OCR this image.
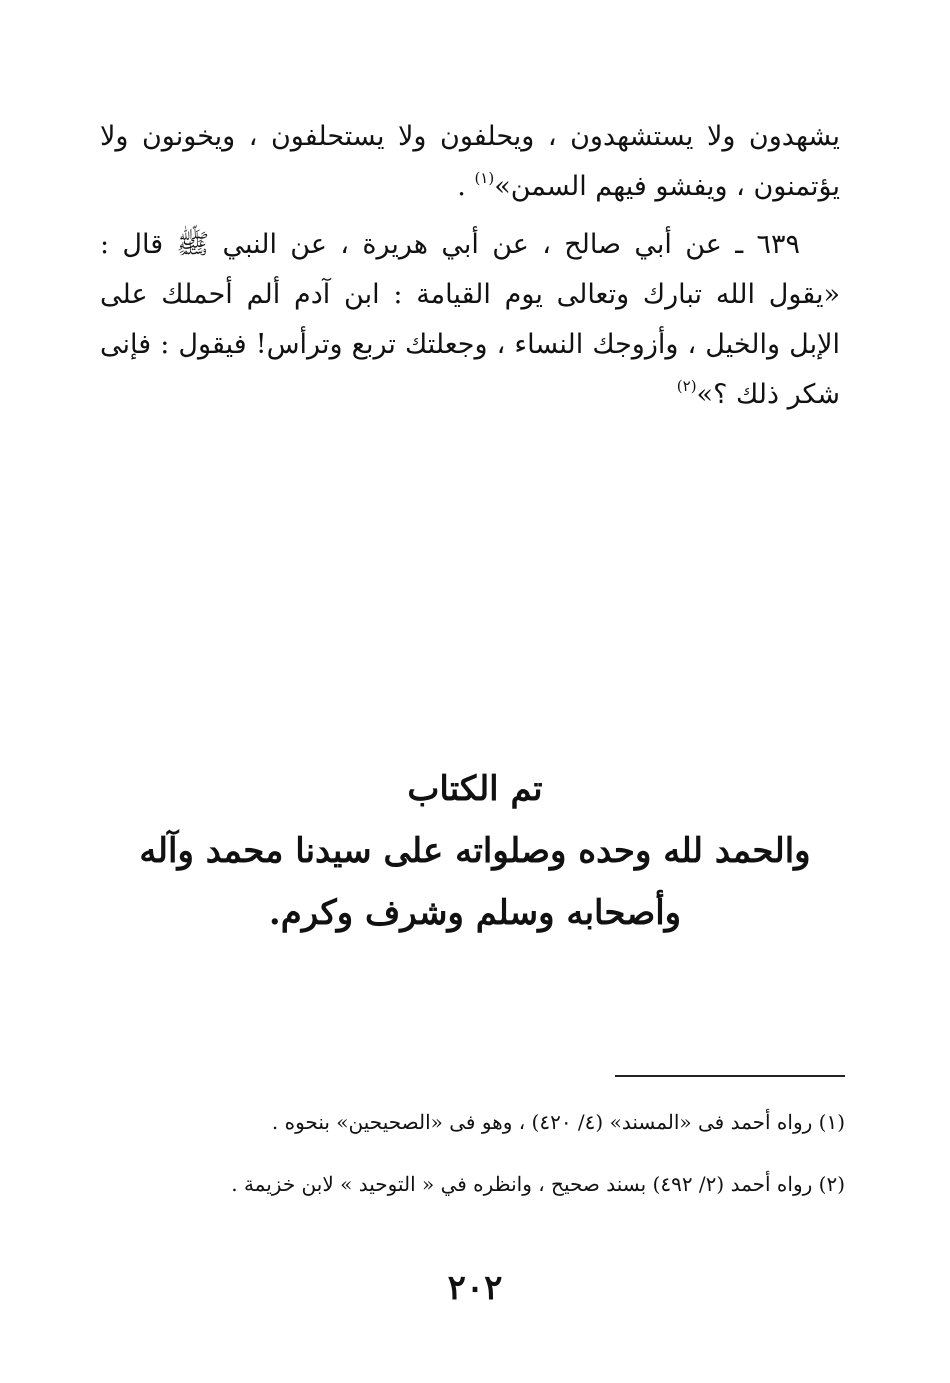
يشهدون ولا يستشهدون ، ويحلفون ولا يستحلفون ، ويخونون ولا يؤتمنون ، ويفشو فيهم السمن»$^{(١)}$ .

٦٣٩ ـ عن أبي صالح ، عن أبي هريرة ، عن النبي ﷺ قال : «يقول الله تبارك وتعالى يوم القيامة : ابن آدم ألم أحملك على الإبل والخيل ، وأزوجك النساء ، وجعلتك تربع وترأس! فيقول : فإنى شكر ذلك ؟»$^{(٢)}$

تم الكتاب
والحمد لله وحده وصلواته على سيدنا محمد وآله
وأصحابه وسلم وشرف وكرم.

(١) رواه أحمد فى «المسند» (٤/ ٤٢٠) ، وهو فى «الصحيحين» بنحوه .

(٢) رواه أحمد (٢/ ٤٩٢) بسند صحيح ، وانظره في « التوحيد » لابن خزيمة .

٢٠٢
